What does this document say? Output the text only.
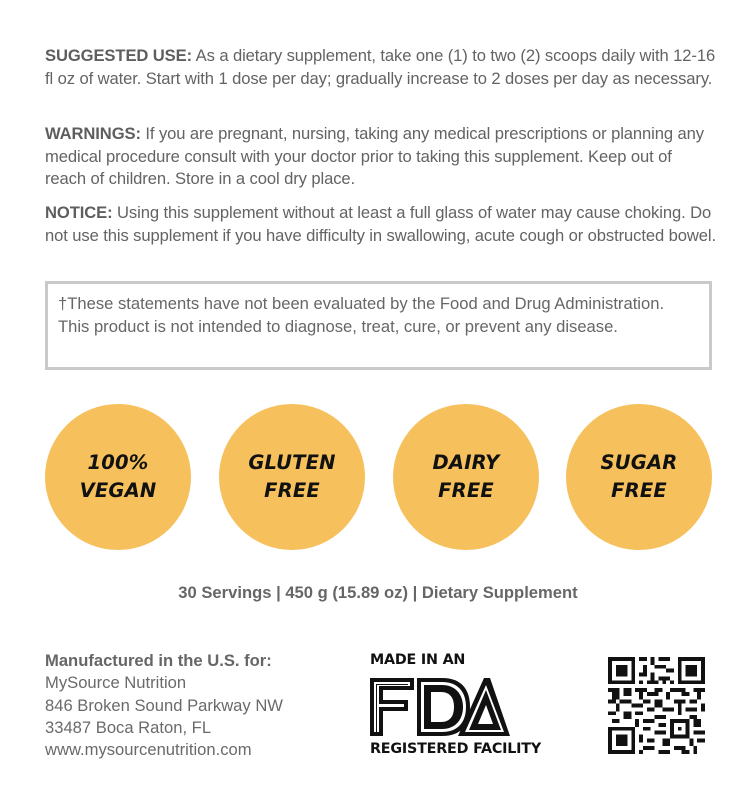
SUGGESTED USE: As a dietary supplement, take one (1) to two (2) scoops daily with 12-16 fl oz of water. Start with 1 dose per day; gradually increase to 2 doses per day as necessary.
WARNINGS: If you are pregnant, nursing, taking any medical prescriptions or planning any medical procedure consult with your doctor prior to taking this supplement. Keep out of reach of children. Store in a cool dry place.
NOTICE: Using this supplement without at least a full glass of water may cause choking. Do not use this supplement if you have difficulty in swallowing, acute cough or obstructed bowel.
†These statements have not been evaluated by the Food and Drug Administration.  This product is not intended to diagnose, treat, cure, or prevent any disease.
100%
VEGAN
GLUTEN
FREE
DAIRY
FREE
SUGAR
FREE
30 Servings | 450 g (15.89 oz) | Dietary Supplement
Manufactured in the U.S. for:
MySource Nutrition
846 Broken Sound Parkway NW
33487 Boca Raton, FL
www.mysourcenutrition.com
MADE IN AN
REGISTERED FACILITY
